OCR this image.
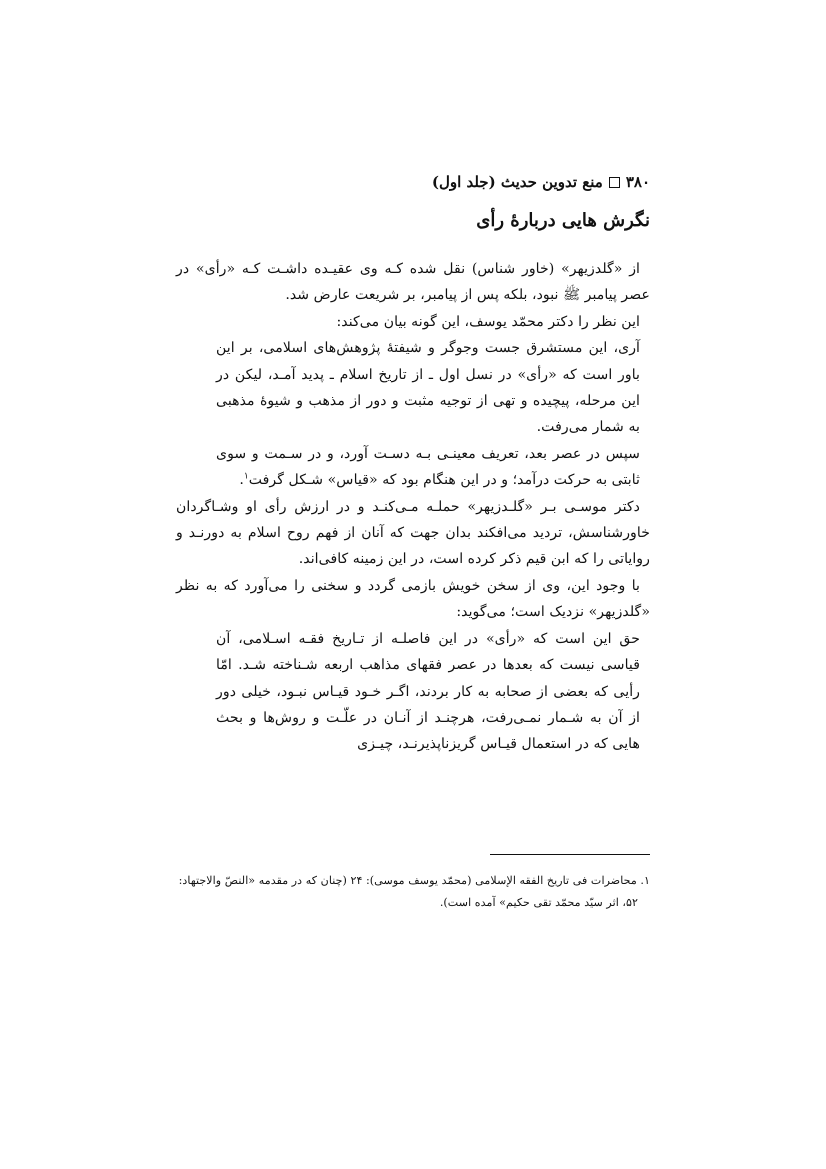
۳۸۰
منع تدوین حدیث (جلد اول)
نگرش هایی دربارهٔ رأی

از «گلدزیهر» (خاور شناس) نقل شده کـه وی عقیـده داشـت کـه «رأی» در عصر پیامبر ﷺ نبود، بلکه پس از پیامبر، بر شریعت عارض شد.

این نظر را دکتر محمّد یوسف، این گونه بیان می‌کند:

آری، این مستشرق جست وجوگر و شیفتهٔ پژوهش‌های اسلامی، بر این باور است که «رأی» در نسل اول ـ از تاریخ اسلام ـ پدید آمـد، لیکن در این مرحله، پیچیده و تهی از توجیه مثبت و دور از مذهب و شیوهٔ مذهبی به شمار می‌رفت.

سپس در عصر بعد، تعریف معینـی بـه دسـت آورد، و در سـمت و سوی ثابتی به حرکت درآمد؛ و در این هنگام بود که «قیاس» شـکل گرفت$^۱$.

دکتر موسـی بـر «گلـدزیهر» حملـه مـی‌کنـد و در ارزش رأی او وشـاگردان خاورشناسش، تردید می‌افکند بدان جهت که آنان از فهم روح اسلام به دورنـد و روایاتی را که ابن قیم ذکر کرده است، در این زمینه کافی‌اند.

با وجود این، وی از سخن خویش بازمی گردد و سخنی را می‌آورد که به نظر «گلدزیهر» نزدیک است؛ می‌گوید:

حق این است که «رأی» در این فاصلـه از تـاریخ فقـه اسـلامی، آن قیاسی نیست که بعدها در عصر فقهای مذاهب اربعه شـناخته شـد. امّا رأیی که بعضی از صحابه به کار بردند، اگـر خـود قیـاس نبـود، خیلی دور از آن به شـمار نمـی‌رفت، هرچنـد از آنـان در علّـت و روش‌ها و بحث هایی که در استعمال قیـاس گریزناپذیرنـد، چیـزی

۱. محاضرات فی تاریخ الفقه الإسلامی (محمّد یوسف موسی): ۲۴ (چنان که در مقدمه «النصّ والاجتهاد:
۵۲، اثر سیّد محمّد تقی حکیم» آمده است).
